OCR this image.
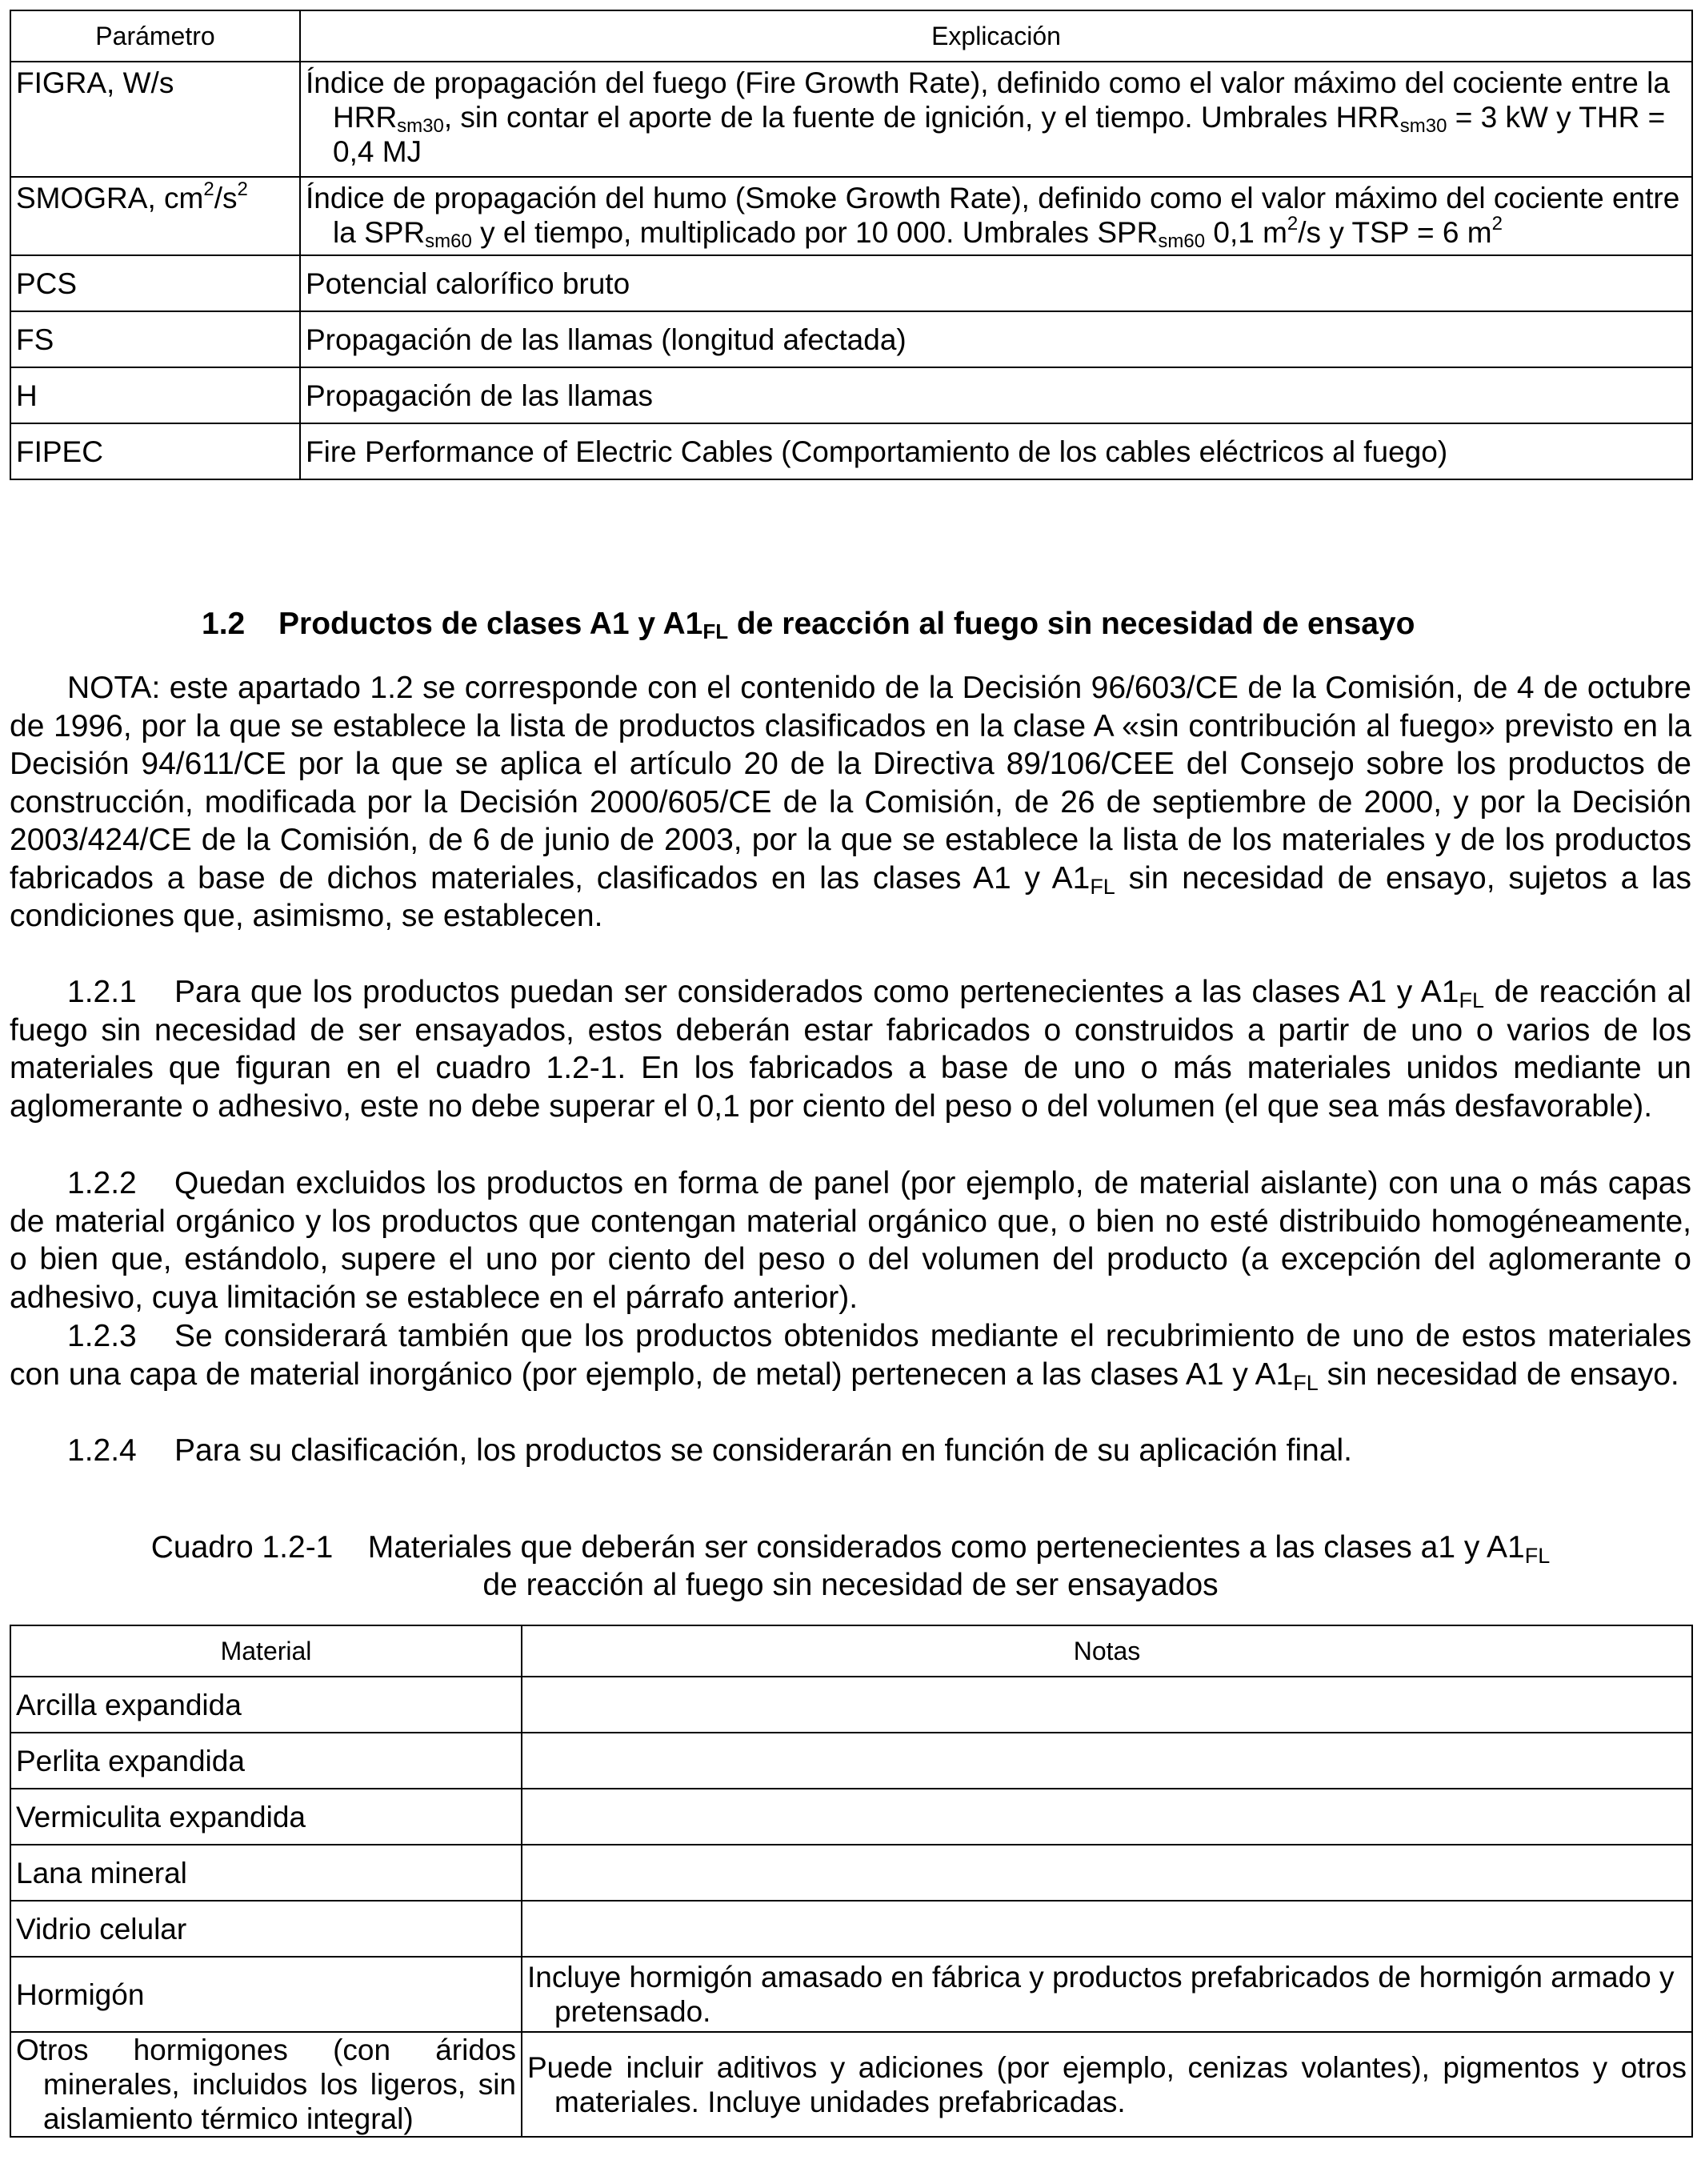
Parámetro	Explicación
FIGRA, W/s	Índice de propagación del fuego (Fire Growth Rate), definido como el valor máximo del cociente entre la $HRR_{sm30}$, sin contar el aporte de la fuente de ignición, y el tiempo. Umbrales $HRR_{sm30} = 3$ kW y THR = 0,4 MJ
SMOGRA, $cm^2/s^2$	Índice de propagación del humo (Smoke Growth Rate), definido como el valor máximo del cociente entre la $SPR_{sm60}$ y el tiempo, multiplicado por 10 000. Umbrales $SPR_{sm60}$ 0,1 $m^2/s$ y TSP = 6 $m^2$
PCS	Potencial calorífico bruto
FS	Propagación de las llamas (longitud afectada)
H	Propagación de las llamas
FIPEC	Fire Performance of Electric Cables (Comportamiento de los cables eléctricos al fuego)
1.2 Productos de clases A1 y $A1_{FL}$ de reacción al fuego sin necesidad de ensayo
NOTA: este apartado 1.2 se corresponde con el contenido de la Decisión 96/603/CE de la Comisión, de 4 de octubre de 1996, por la que se establece la lista de productos clasificados en la clase A «sin contribución al fuego» previsto en la Decisión 94/611/CE por la que se aplica el artículo 20 de la Directiva 89/106/CEE del Consejo sobre los productos de construcción, modificada por la Decisión 2000/605/CE de la Comisión, de 26 de septiembre de 2000, y por la Decisión 2003/424/CE de la Comisión, de 6 de junio de 2003, por la que se establece la lista de los materiales y de los productos fabricados a base de dichos materiales, clasificados en las clases A1 y $A1_{FL}$ sin necesidad de ensayo, sujetos a las condiciones que, asimismo, se establecen.
1.2.1 Para que los productos puedan ser considerados como pertenecientes a las clases A1 y $A1_{FL}$ de reacción al fuego sin necesidad de ser ensayados, estos deberán estar fabricados o construidos a partir de uno o varios de los materiales que figuran en el cuadro 1.2-1. En los fabricados a base de uno o más materiales unidos mediante un aglomerante o adhesivo, este no debe superar el 0,1 por ciento del peso o del volumen (el que sea más desfavorable).
1.2.2 Quedan excluidos los productos en forma de panel (por ejemplo, de material aislante) con una o más capas de material orgánico y los productos que contengan material orgánico que, o bien no esté distribuido homogéneamente, o bien que, estándolo, supere el uno por ciento del peso o del volumen del producto (a excepción del aglomerante o adhesivo, cuya limitación se establece en el párrafo anterior).
1.2.3 Se considerará también que los productos obtenidos mediante el recubrimiento de uno de estos materiales con una capa de material inorgánico (por ejemplo, de metal) pertenecen a las clases A1 y $A1_{FL}$ sin necesidad de ensayo.
1.2.4 Para su clasificación, los productos se considerarán en función de su aplicación final.
Cuadro 1.2-1    Materiales que deberán ser considerados como pertenecientes a las clases a1 y $A1_{FL}$
de reacción al fuego sin necesidad de ser ensayados
Material	Notas
Arcilla expandida	
Perlita expandida	
Vermiculita expandida	
Lana mineral	
Vidrio celular	
Hormigón	Incluye hormigón amasado en fábrica y productos prefabricados de hormigón armado y pretensado.
Otros hormigones (con áridos minerales, incluidos los ligeros, sin aislamiento térmico integral)	Puede incluir aditivos y adiciones (por ejemplo, cenizas volantes), pigmentos y otros materiales. Incluye unidades prefabricadas.
